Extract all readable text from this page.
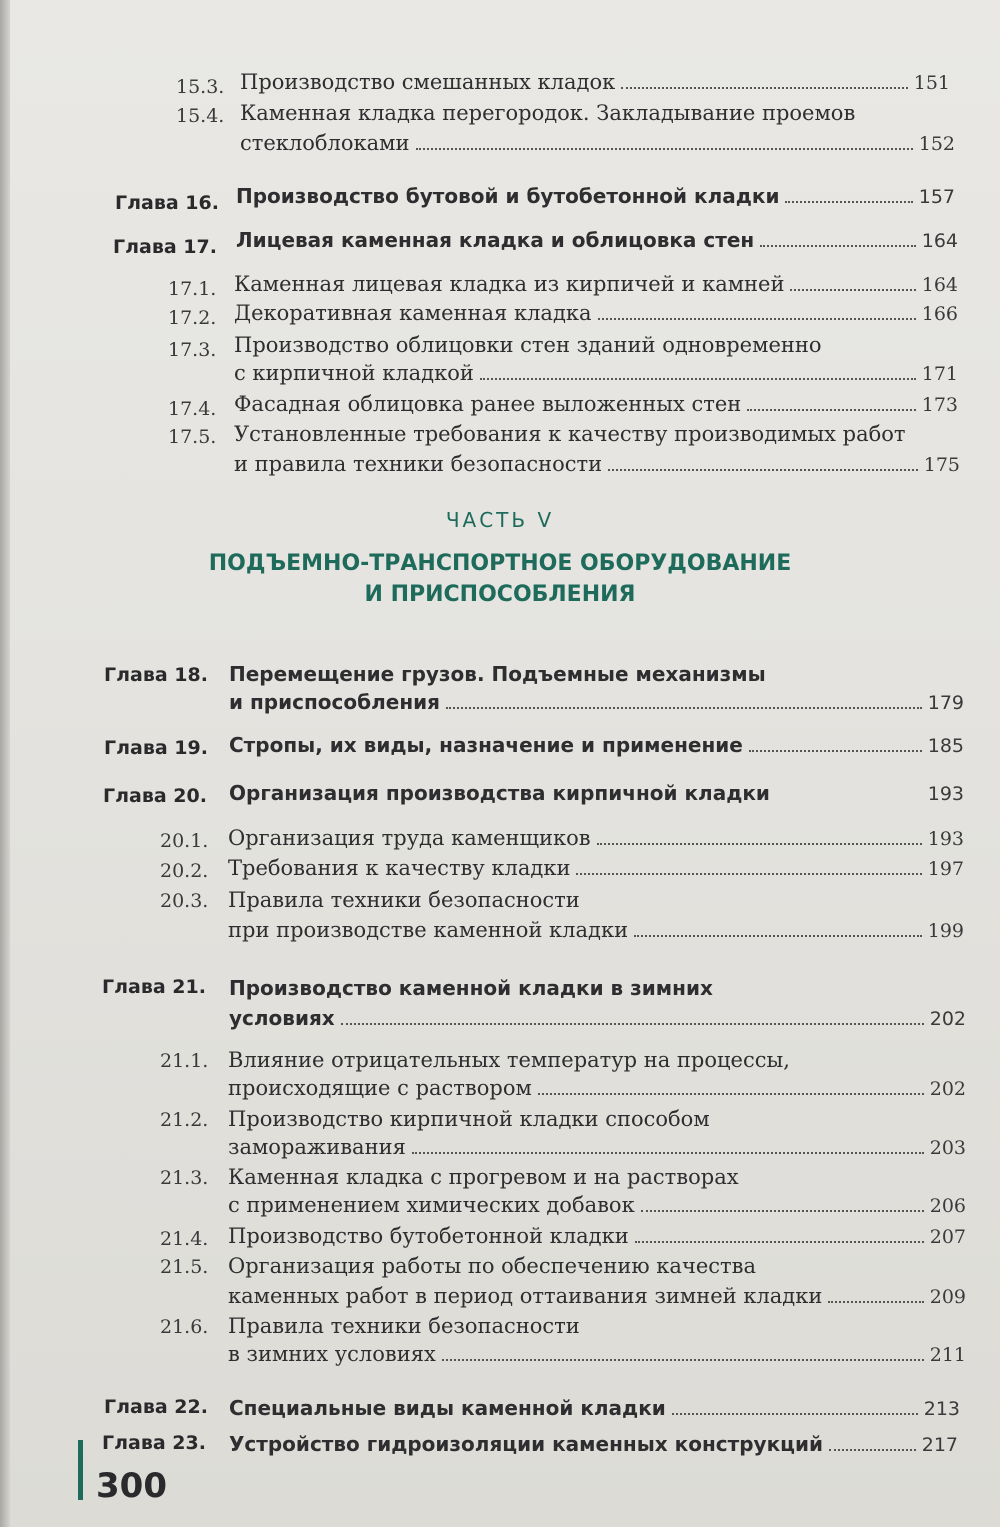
15.3. Производство смешанных кладок	151
15.4. Каменная кладка перегородок. Закладывание проемов
стеклоблоками	152
Глава 16. Производство бутовой и бутобетонной кладки	157
Глава 17. Лицевая каменная кладка и облицовка стен	164
17.1. Каменная лицевая кладка из кирпичей и камней	164
17.2. Декоративная каменная кладка	166
17.3. Производство облицовки стен зданий одновременно
с кирпичной кладкой	171
17.4. Фасадная облицовка ранее выложенных стен	173
17.5. Установленные требования к качеству производимых работ
и правила техники безопасности	175
ЧАСТЬ V
ПОДЪЕМНО-ТРАНСПОРТНОЕ ОБОРУДОВАНИЕ
И ПРИСПОСОБЛЕНИЯ
Глава 18. Перемещение грузов. Подъемные механизмы
и приспособления	179
Глава 19. Стропы, их виды, назначение и применение	185
Глава 20. Организация производства кирпичной кладки	193
20.1. Организация труда каменщиков	193
20.2. Требования к качеству кладки	197
20.3. Правила техники безопасности
при производстве каменной кладки	199
Глава 21. Производство каменной кладки в зимних
условиях	202
21.1. Влияние отрицательных температур на процессы,
происходящие с раствором	202
21.2. Производство кирпичной кладки способом
замораживания	203
21.3. Каменная кладка с прогревом и на растворах
с применением химических добавок	206
21.4. Производство бутобетонной кладки	207
21.5. Организация работы по обеспечению качества
каменных работ в период оттаивания зимней кладки	209
21.6. Правила техники безопасности
в зимних условиях	211
Глава 22. Специальные виды каменной кладки	213
Глава 23. Устройство гидроизоляции каменных конструкций	217
300
